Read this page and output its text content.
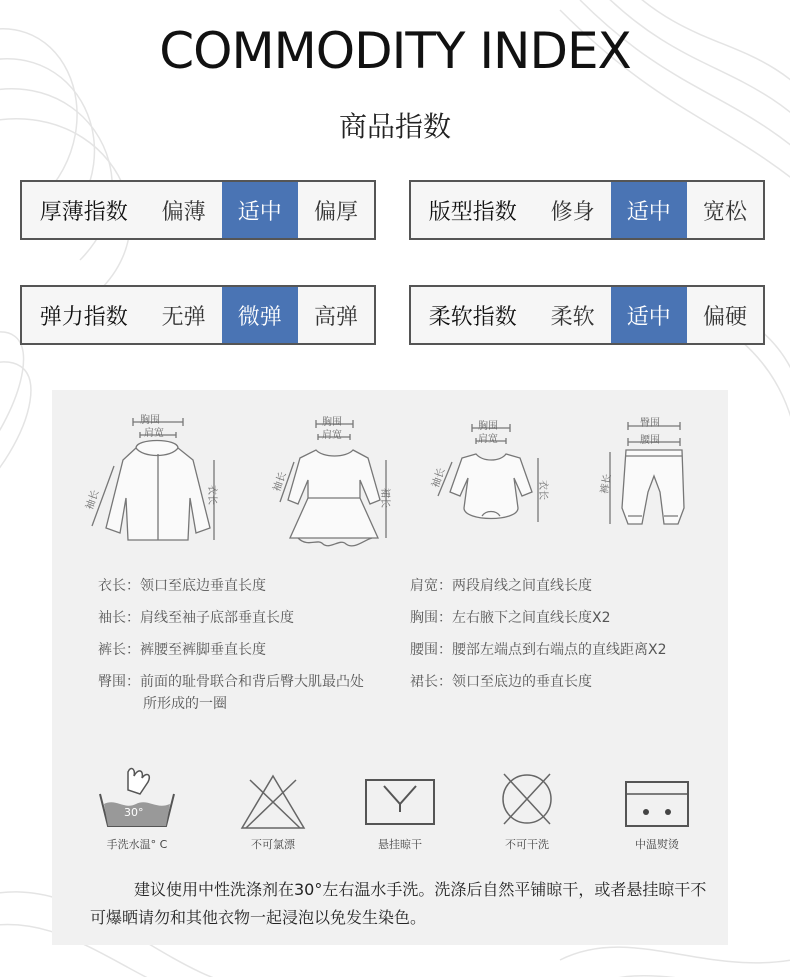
COMMODITY INDEX
商品指数
厚薄指数	偏薄	适中	偏厚	版型指数	修身	适中	宽松
弹力指数	无弹	微弹	高弹	柔软指数	柔软	适中	偏硬
胸围
肩宽
袖长	衣长
胸围
肩宽
袖长
裙长
胸围
肩宽
袖长
衣长
臀围
腰围
裤长
衣长：领口至底边垂直长度
袖长：肩线至袖子底部垂直长度
裤长：裤腰至裤脚垂直长度
臀围：前面的耻骨联合和背后臀大肌最凸处
所形成的一圈
肩宽：两段肩线之间直线长度
胸围：左右腋下之间直线长度X2
腰围：腰部左端点到右端点的直线距离X2
裙长：领口至底边的垂直长度
30°
手洗水温° C	不可氯漂	悬挂晾干	不可干洗	中温熨烫
建议使用中性洗涤剂在30°左右温水手洗。洗涤后自然平铺晾干，或者悬挂晾干不可爆晒请勿和其他衣物一起浸泡以免发生染色。
